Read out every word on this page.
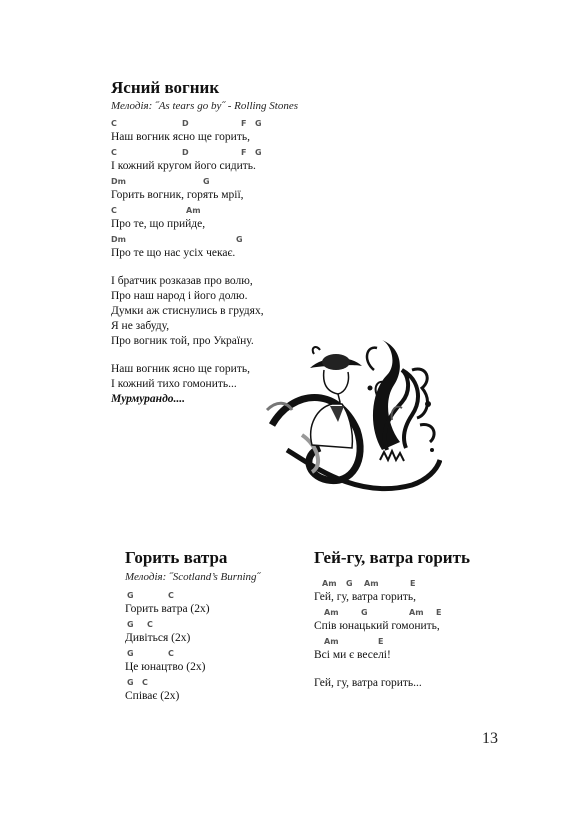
Ясний вогник

Мелодія: ˝As tears go by˝ - Rolling Stones

C	D	F G
Наш вогник ясно ще горить,
C	D	F G
І кожний кругом його сидить.
Dm	G
Горить вогник, горять мрії,
C	Am
Про те, що прийде,
Dm	G
Про те що нас усіх чекає.
І братчик розказав про волю,
Про наш народ і його долю.
Думки аж стиснулись в грудях,
Я не забуду,
Про вогник той, про Україну.
Наш вогник ясно ще горить,
І кожний тихо гомонить...
Мурмурандо....
Горить ватра

Мелодія: ˝Scotland’s Burning˝

G	C
Горить ватра (2х)
G C
Дивіться (2х)
G	C
Це юнацтво (2х)
G C
Співає (2х)
Гей-гу, ватра горить
Am G Am	E
Гей, гу, ватра горить,
Am	G	Am E
Спів юнацький гомонить,
Am	E
Всі ми є веселі!
Гей, гу, ватра горить...
13
